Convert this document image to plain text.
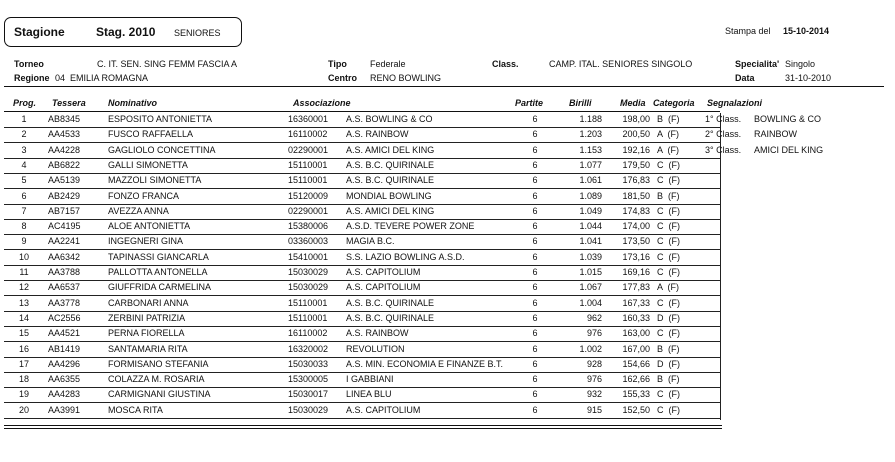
Stagione	Stag. 2010 SENIORES	Stampa del 15-10-2014
Torneo	C. IT. SEN. SING FEMM FASCIA A	Tipo	Federale	Class.	CAMP. ITAL. SENIORES SINGOLO	Specialita' Singolo
Regione 04  EMILIA ROMAGNA	Centro RENO BOWLING	Data	31-10-2010
Prog. Tessera Nominativo	Associazione	Partite	Birilli	Media Categoria Segnalazioni
1	AB8345	ESPOSITO ANTONIETTA	16360001 A.S. BOWLING & CO	6	1.188	198,00 B  (F)
2	AA4533	FUSCO RAFFAELLA	16110002 A.S. RAINBOW	6	1.203	200,50 A  (F)
3	AA4228	GAGLIOLO CONCETTINA	02290001 A.S. AMICI DEL KING	6	1.153	192,16 A  (F)
4	AB6822	GALLI SIMONETTA	15110001 A.S. B.C. QUIRINALE	6	1.077	179,50 C  (F)
5	AA5139	MAZZOLI SIMONETTA	15110001 A.S. B.C. QUIRINALE	6	1.061	176,83 C  (F)
6	AB2429	FONZO FRANCA	15120009 MONDIAL BOWLING	6	1.089	181,50 B  (F)
7	AB7157	AVEZZA ANNA	02290001 A.S. AMICI DEL KING	6	1.049	174,83 C  (F)
8	AC4195	ALOE ANTONIETTA	15380006 A.S.D. TEVERE POWER ZONE	6	1.044	174,00 C  (F)
9	AA2241	INGEGNERI GINA	03360003 MAGIA B.C.	6	1.041	173,50 C  (F)
10	AA6342	TAPINASSI GIANCARLA	15410001 S.S. LAZIO BOWLING A.S.D.	6	1.039	173,16 C  (F)
11	AA3788	PALLOTTA ANTONELLA	15030029 A.S. CAPITOLIUM	6	1.015	169,16 C  (F)
12	AA6537	GIUFFRIDA CARMELINA	15030029 A.S. CAPITOLIUM	6	1.067	177,83 A  (F)
13	AA3778	CARBONARI ANNA	15110001 A.S. B.C. QUIRINALE	6	1.004	167,33 C  (F)
14	AC2556	ZERBINI PATRIZIA	15110001 A.S. B.C. QUIRINALE	6	962	160,33 D  (F)
15	AA4521	PERNA FIORELLA	16110002 A.S. RAINBOW	6	976	163,00 C  (F)
16	AB1419	SANTAMARIA RITA	16320002 REVOLUTION	6	1.002	167,00 B  (F)
17	AA4296	FORMISANO STEFANIA	15030033 A.S. MIN. ECONOMIA E FINANZE B.T.	6	928	154,66 D  (F)
18	AA6355	COLAZZA M. ROSARIA	15300005 I GABBIANI	6	976	162,66 B  (F)
19	AA4283	CARMIGNANI GIUSTINA	15030017 LINEA BLU	6	932	155,33 C  (F)
20	AA3991	MOSCA RITA	15030029 A.S. CAPITOLIUM	6	915	152,50 C  (F)
1° Class. BOWLING & CO
2° Class. RAINBOW
3° Class. AMICI DEL KING
